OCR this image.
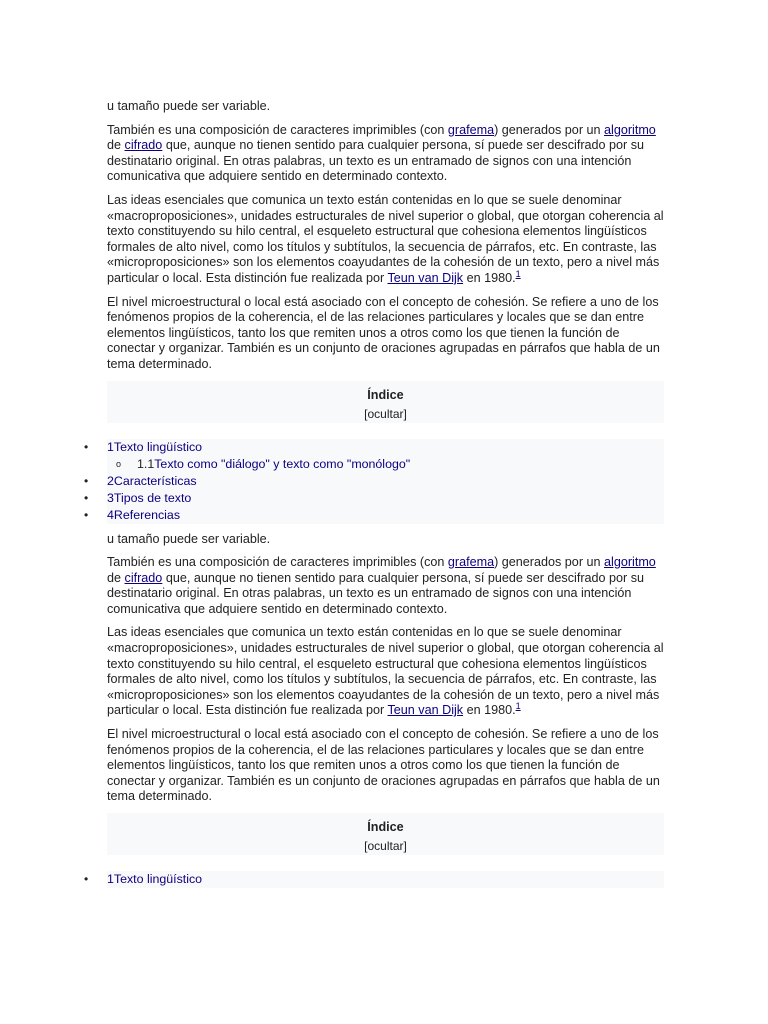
u tamaño puede ser variable.

También es una composición de caracteres imprimibles (con grafema) generados por un algoritmo de cifrado que, aunque no tienen sentido para cualquier persona, sí puede ser descifrado por su destinatario original. En otras palabras, un texto es un entramado de signos con una intención comunicativa que adquiere sentido en determinado contexto.

Las ideas esenciales que comunica un texto están contenidas en lo que se suele denominar «macroproposiciones», unidades estructurales de nivel superior o global, que otorgan coherencia al texto constituyendo su hilo central, el esqueleto estructural que cohesiona elementos lingüísticos formales de alto nivel, como los títulos y subtítulos, la secuencia de párrafos, etc. En contraste, las «microproposiciones» son los elementos coayudantes de la cohesión de un texto, pero a nivel más particular o local. Esta distinción fue realizada por Teun van Dijk en 1980.$^1$

El nivel microestructural o local está asociado con el concepto de cohesión. Se refiere a uno de los fenómenos propios de la coherencia, el de las relaciones particulares y locales que se dan entre elementos lingüísticos, tanto los que remiten unos a otros como los que tienen la función de conectar y organizar. También es un conjunto de oraciones agrupadas en párrafos que habla de un tema determinado.

Índice
[ocultar]
• 1Texto lingüístico
o 1.1Texto como "diálogo" y texto como "monólogo"
• 2Características
• 3Tipos de texto
• 4Referencias

u tamaño puede ser variable.

También es una composición de caracteres imprimibles (con grafema) generados por un algoritmo de cifrado que, aunque no tienen sentido para cualquier persona, sí puede ser descifrado por su destinatario original. En otras palabras, un texto es un entramado de signos con una intención comunicativa que adquiere sentido en determinado contexto.

Las ideas esenciales que comunica un texto están contenidas en lo que se suele denominar «macroproposiciones», unidades estructurales de nivel superior o global, que otorgan coherencia al texto constituyendo su hilo central, el esqueleto estructural que cohesiona elementos lingüísticos formales de alto nivel, como los títulos y subtítulos, la secuencia de párrafos, etc. En contraste, las «microproposiciones» son los elementos coayudantes de la cohesión de un texto, pero a nivel más particular o local. Esta distinción fue realizada por Teun van Dijk en 1980.$^1$

El nivel microestructural o local está asociado con el concepto de cohesión. Se refiere a uno de los fenómenos propios de la coherencia, el de las relaciones particulares y locales que se dan entre elementos lingüísticos, tanto los que remiten unos a otros como los que tienen la función de conectar y organizar. También es un conjunto de oraciones agrupadas en párrafos que habla de un tema determinado.

Índice
[ocultar]
• 1Texto lingüístico
